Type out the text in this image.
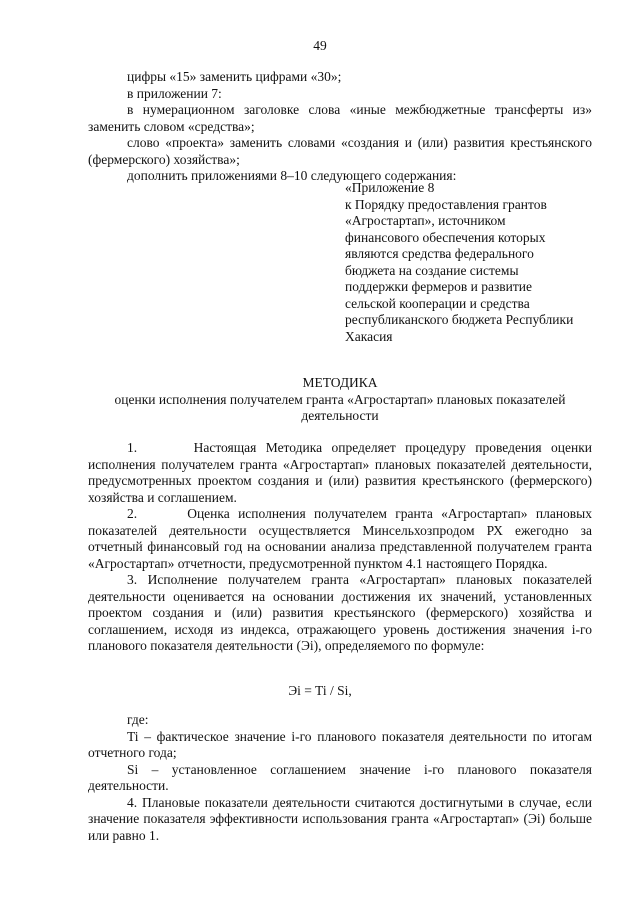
49

цифры «15» заменить цифрами «30»;

в приложении 7:

в нумерационном заголовке слова «иные межбюджетные трансферты из» заменить словом «средства»;

слово «проекта» заменить словами «создания и (или) развития крестьянского (фермерского) хозяйства»;

дополнить приложениями 8–10 следующего содержания:

«Приложение 8
к Порядку предоставления грантов
«Агростартап», источником
финансового обеспечения которых
являются средства федерального
бюджета на создание системы
поддержки фермеров и развитие
сельской кооперации и средства
республиканского бюджета Республики
Хакасия
МЕТОДИКА
оценки исполнения получателем гранта «Агростартап» плановых показателей
деятельности

1.      Настоящая Методика определяет процедуру проведения оценки исполнения получателем гранта «Агростартап» плановых показателей деятельности, предусмотренных проектом создания и (или) развития крестьянского (фермерского) хозяйства и соглашением.

2.      Оценка исполнения получателем гранта «Агростартап» плановых показателей деятельности осуществляется Минсельхозпродом РХ ежегодно за отчетный финансовый год на основании анализа представленной получателем гранта «Агростартап» отчетности, предусмотренной пунктом 4.1 настоящего Порядка.

3. Исполнение получателем гранта «Агростартап» плановых показателей деятельности оценивается на основании достижения их значений, установленных проектом создания и (или) развития крестьянского (фермерского) хозяйства и соглашением, исходя из индекса, отражающего уровень достижения значения i-го планового показателя деятельности (Эi), определяемого по формуле:

Эi = Ti / Si,

где:

Ti – фактическое значение i-го планового показателя деятельности по итогам отчетного года;

Si – установленное соглашением значение i-го планового показателя деятельности.

4. Плановые показатели деятельности считаются достигнутыми в случае, если значение показателя эффективности использования гранта «Агростартап» (Эi) больше или равно 1.
